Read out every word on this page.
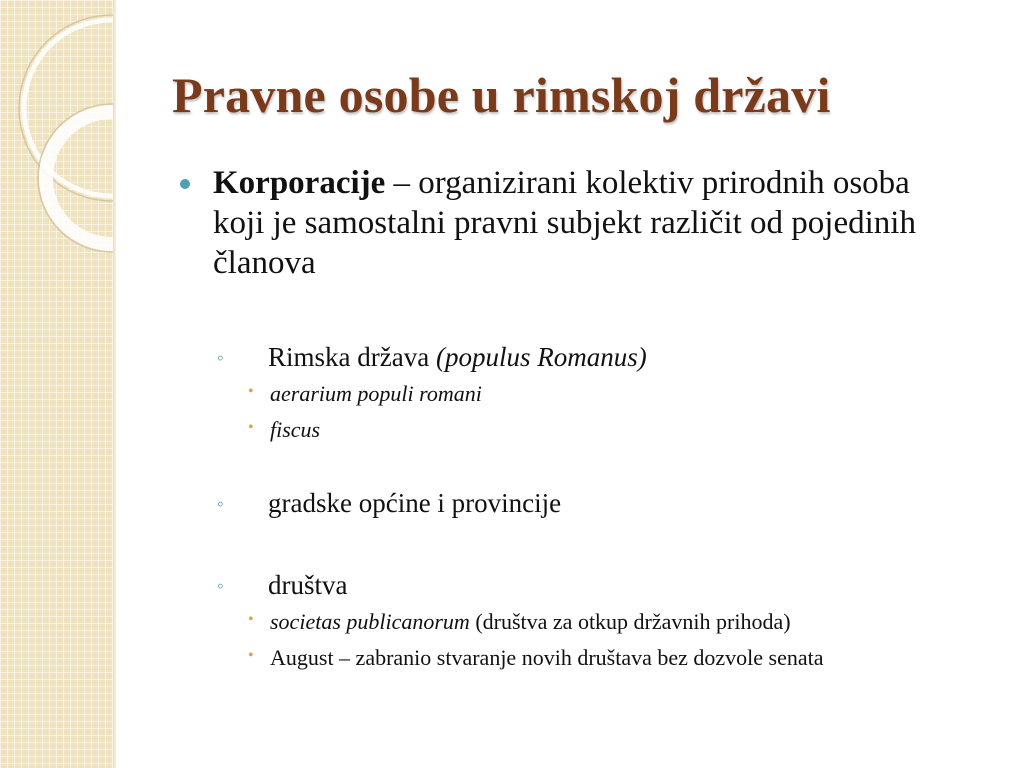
Pravne osobe u rimskoj državi
Korporacije – organizirani kolektiv prirodnih osoba koji je samostalni pravni subjekt različit od pojedinih članova
◦ Rimska država (populus Romanus)
• aerarium populi romani
• fiscus
◦ gradske općine i provincije
◦ društva
• societas publicanorum (društva za otkup državnih prihoda)
• August – zabranio stvaranje novih društava bez dozvole senata
